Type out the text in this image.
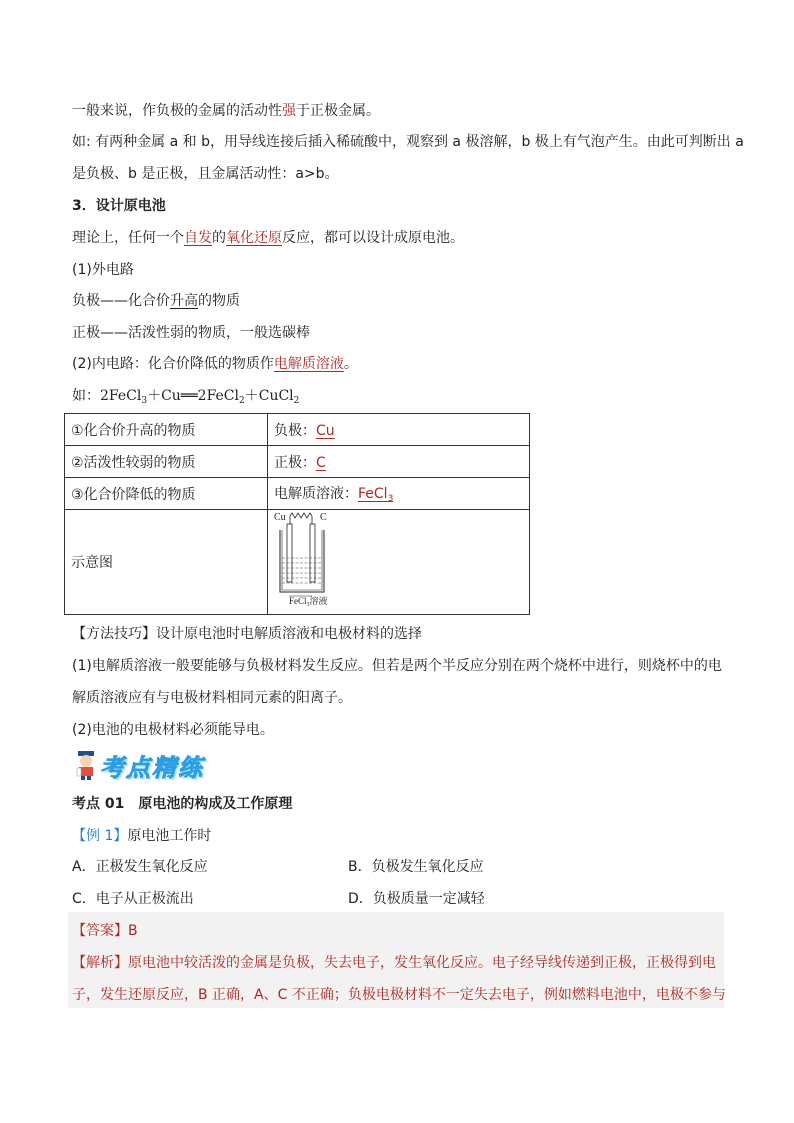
一般来说，作负极的金属的活动性强于正极金属。
如: 有两种金属 a 和 b，用导线连接后插入稀硫酸中，观察到 a 极溶解，b 极上有气泡产生。由此可判断出 a
是负极、b 是正极，且金属活动性：a>b。
3．设计原电池
理论上，任何一个自发的氧化还原反应，都可以设计成原电池。
(1)外电路
负极——化合价升高的物质
正极——活泼性弱的物质，一般选碳棒
(2)内电路：化合价降低的物质作电解质溶液。
如：2FeCl$_3$＋Cu══2FeCl$_2$＋CuCl$_2$
①化合价升高的物质	负极：Cu
②活泼性较弱的物质	正极：C
③化合价降低的物质	电解质溶液：FeCl$_3$
示意图	Cu C
FeCl$_3$溶液
【方法技巧】设计原电池时电解质溶液和电极材料的选择
(1)电解质溶液一般要能够与负极材料发生反应。但若是两个半反应分别在两个烧杯中进行，则烧杯中的电
解质溶液应有与电极材料相同元素的阳离子。
(2)电池的电极材料必须能导电。
考点精练
考点 01　原电池的构成及工作原理
【例 1】原电池工作时
A．正极发生氧化反应	B．负极发生氧化反应
C．电子从正极流出	D．负极质量一定减轻
【答案】B
【解析】原电池中较活泼的金属是负极，失去电子，发生氧化反应。电子经导线传递到正极，正极得到电
子，发生还原反应，B 正确，A、C 不正确；负极电极材料不一定失去电子，例如燃料电池中，电极不参与
